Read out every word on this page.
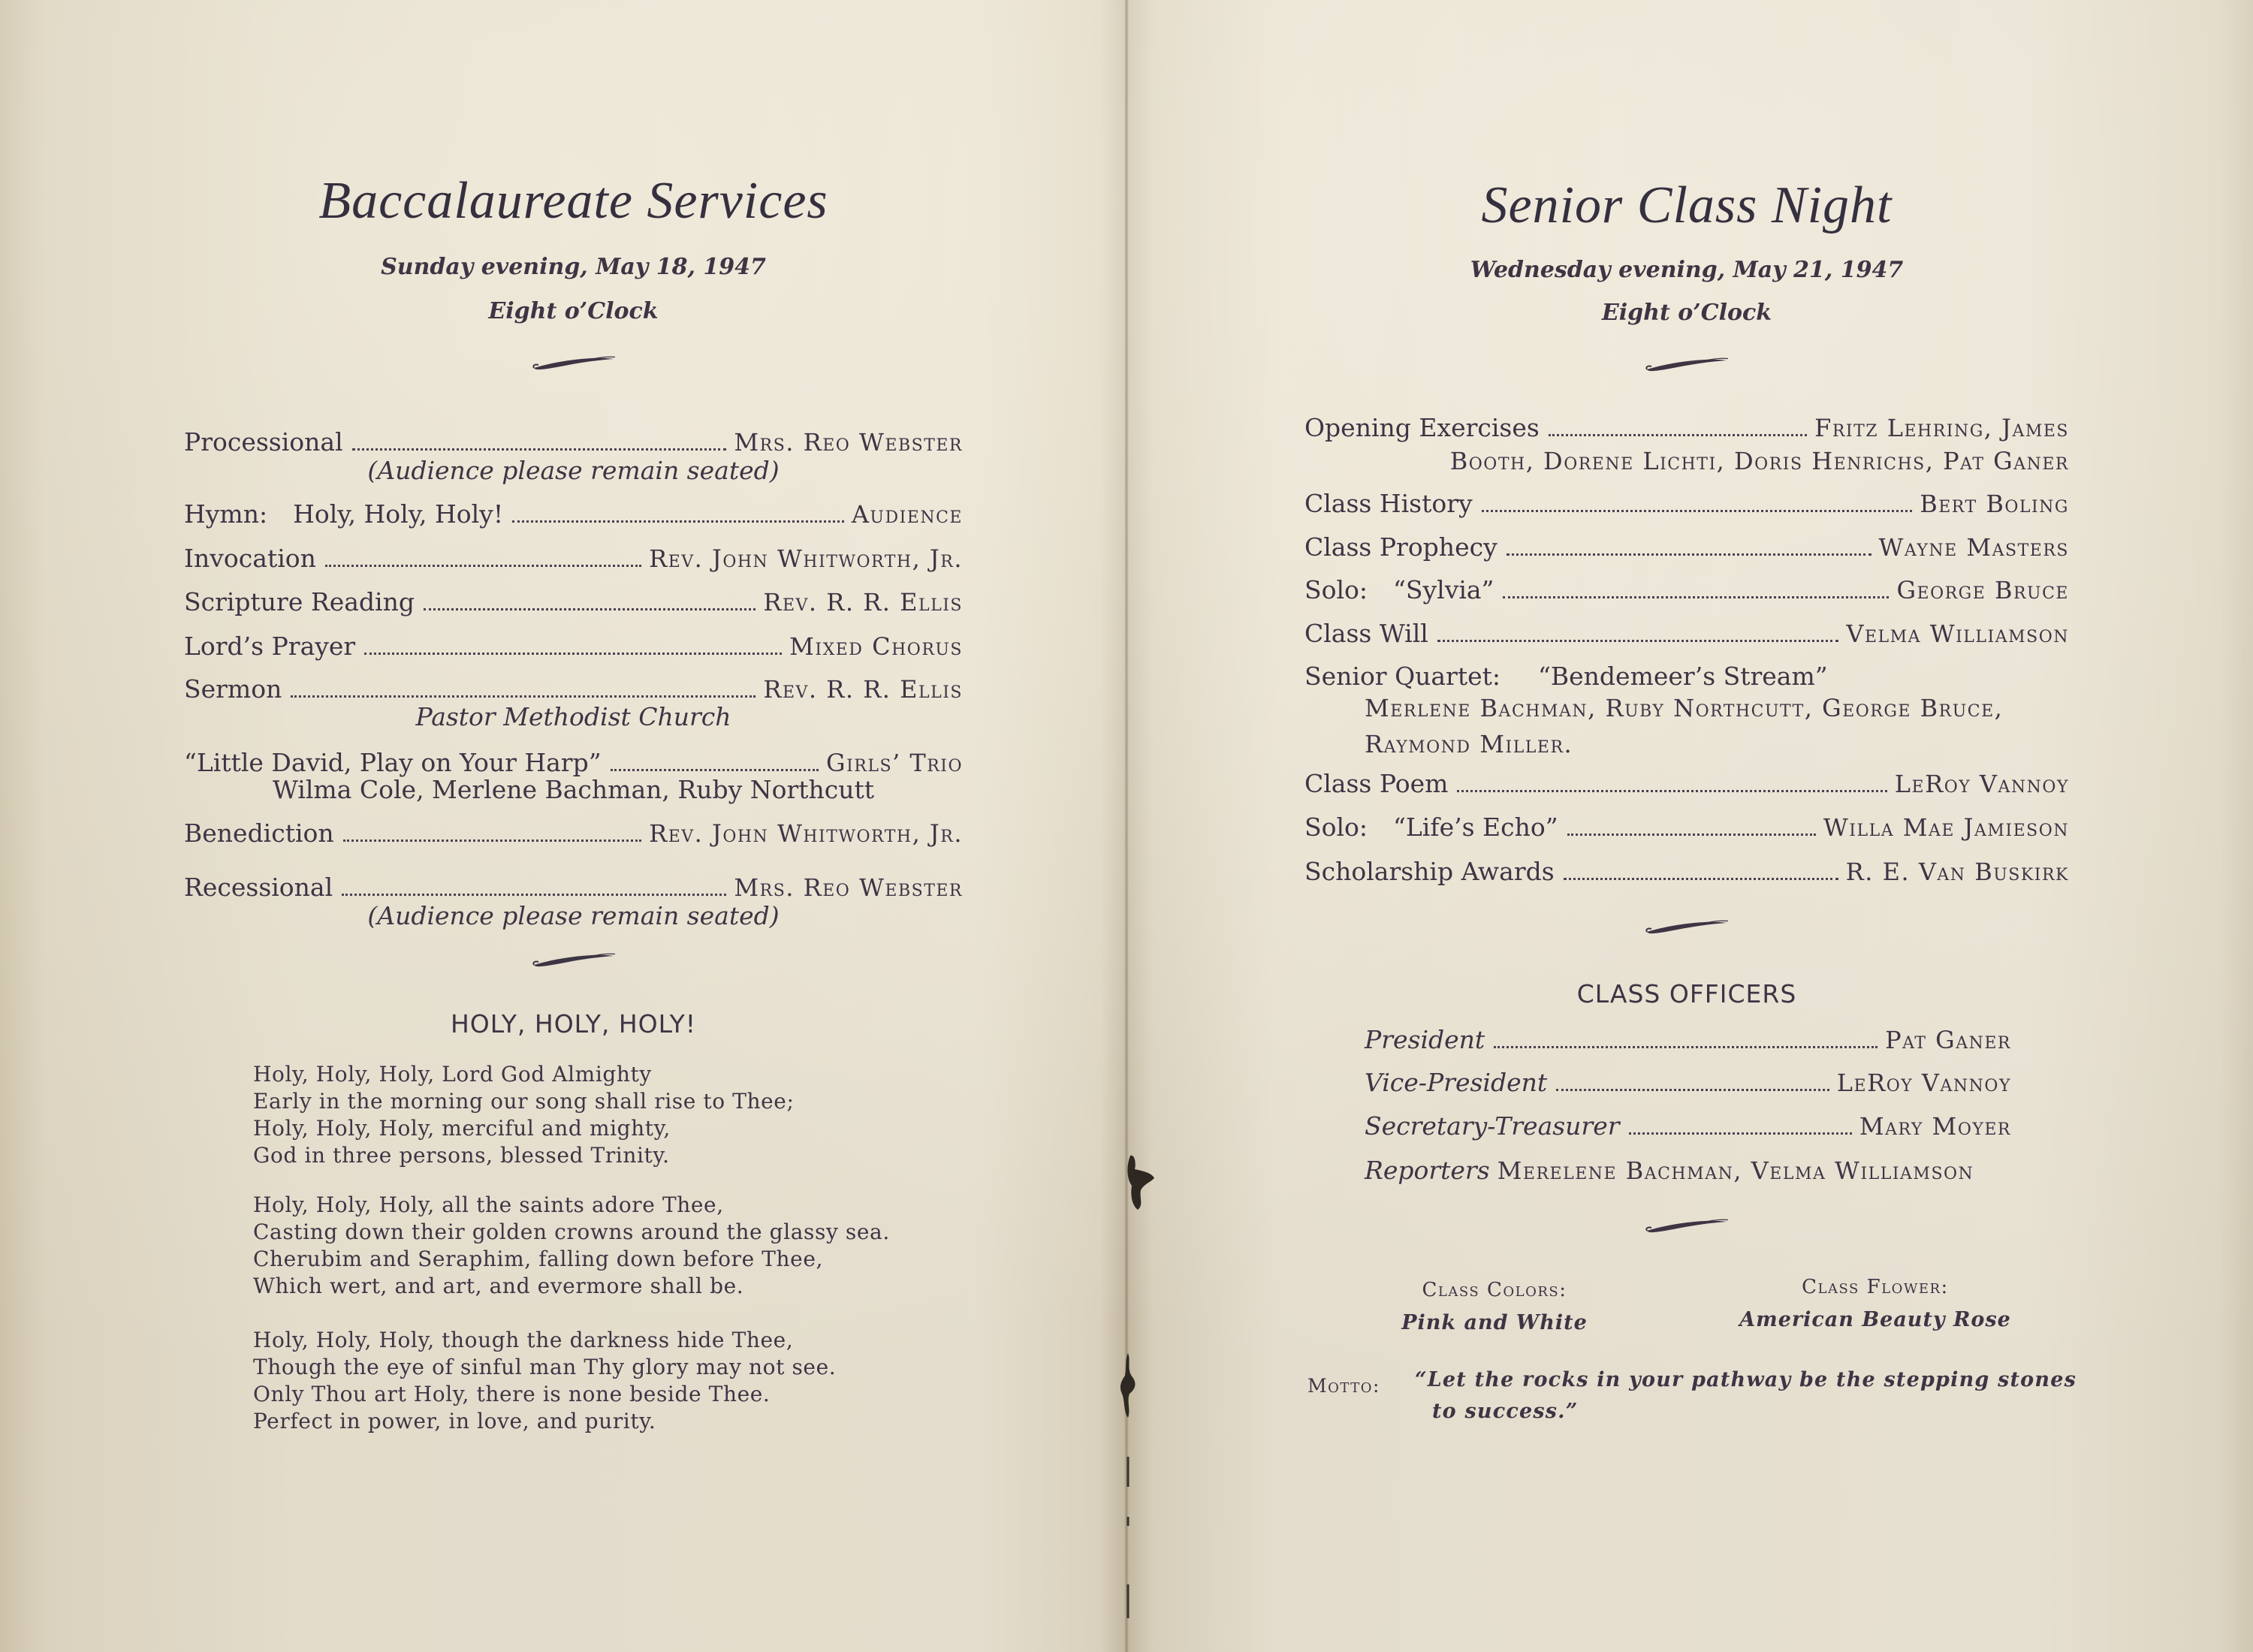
Baccalaureate Services
Sunday evening, May 18, 1947
Eight o’Clock
Processional	Mrs. Reo Webster
(Audience please remain seated)
Hymn: Holy, Holy, Holy!	Audience
Invocation	Rev. John Whitworth, Jr.
Scripture Reading	Rev. R. R. Ellis
Lord’s Prayer	Mixed Chorus
Sermon	Rev. R. R. Ellis
Pastor Methodist Church
“Little David, Play on Your Harp”	Girls’ Trio
Wilma Cole, Merlene Bachman, Ruby Northcutt
Benediction	Rev. John Whitworth, Jr.
Recessional	Mrs. Reo Webster
(Audience please remain seated)
HOLY, HOLY, HOLY!
Holy, Holy, Holy, Lord God Almighty
Early in the morning our song shall rise to Thee;
Holy, Holy, Holy, merciful and mighty,
God in three persons, blessed Trinity.
Holy, Holy, Holy, all the saints adore Thee,
Casting down their golden crowns around the glassy sea.
Cherubim and Seraphim, falling down before Thee,
Which wert, and art, and evermore shall be.
Holy, Holy, Holy, though the darkness hide Thee,
Though the eye of sinful man Thy glory may not see.
Only Thou art Holy, there is none beside Thee.
Perfect in power, in love, and purity.
Senior Class Night
Wednesday evening, May 21, 1947
Eight o’Clock
Opening Exercises	Fritz Lehring, James
Booth, Dorene Lichti, Doris Henrichs, Pat Ganer
Class History	Bert Boling
Class Prophecy	Wayne Masters
Solo: “Sylvia”	George Bruce
Class Will	Velma Williamson
Senior Quartet: “Bendemeer’s Stream”
Merlene Bachman, Ruby Northcutt, George Bruce,
Raymond Miller.
Class Poem	LeRoy Vannoy
Solo: “Life’s Echo”	Willa Mae Jamieson
Scholarship Awards	R. E. Van Buskirk
CLASS OFFICERS
President	Pat Ganer
Vice-President	LeRoy Vannoy
Secretary-Treasurer	Mary Moyer
Reporters Merelene Bachman, Velma Williamson
Class Colors:
Pink and White
Class Flower:
American Beauty Rose
Motto: “Let the rocks in your pathway be the stepping stones
to success.”
